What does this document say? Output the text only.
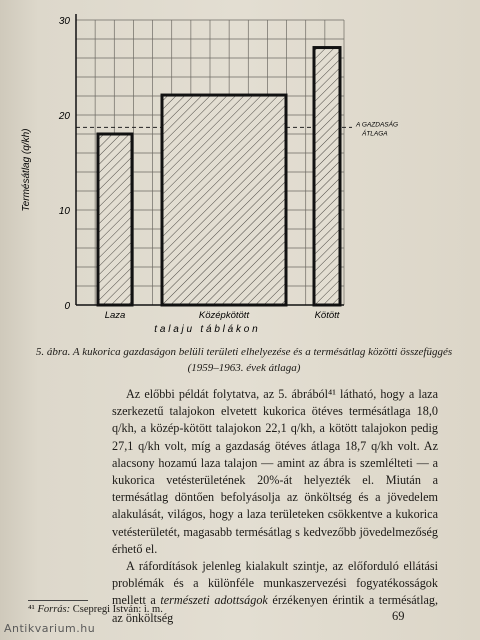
A GAZDASÁG
ÁTLAGA
Laza	Középkötött	Kötött
0
10
20
30
Termésátlag (q/kh)
t a l a j u   t á b l á k o n
5. ábra. A kukorica gazdaságon belüli területi elhelyezése és a termésátlag közötti összefüggés (1959–1963. évek átlaga)

Az előbbi példát folytatva, az 5. ábrából⁴¹ látható, hogy a laza szerkezetű talajokon elvetett kukorica ötéves termésátlaga 18,0 q/kh, a közép-kötött talajokon 22,1 q/kh, a kötött talajokon pedig 27,1 q/kh volt, míg a gazdaság ötéves átlaga 18,7 q/kh volt. Az alacsony hozamú laza talajon — amint az ábra is szemlélteti — a kukorica vetésterületének 20%-át helyezték el. Miután a termésátlag döntően befolyásolja az önköltség és a jövedelem alakulását, világos, hogy a laza területeken csökkentve a kukorica vetésterületét, magasabb termésátlag s kedvezőbb jövedelmezőség érhető el.

A ráfordítások jelenleg kialakult szintje, az előforduló ellátási problémák és a különféle munkaszervezési fogyatékosságok mellett a természeti adottságok érzékenyen érintik a termésátlag, az önköltség

⁴¹ Forrás: Csepregi István: i. m.	69
Antikvarium.hu
